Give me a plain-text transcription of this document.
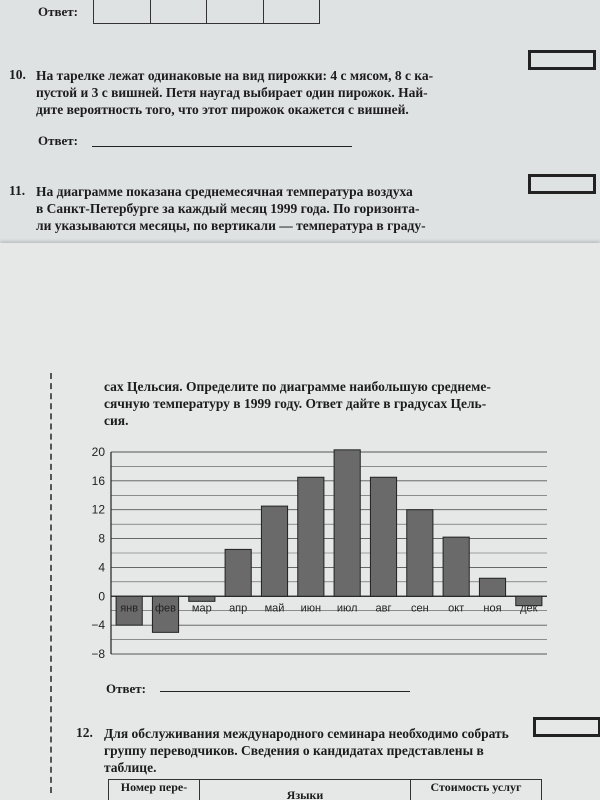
Ответ:
10. На тарелке лежат одинаковые на вид пирожки: 4 с мясом, 8 с ка-
пустой и 3 с вишней. Петя наугад выбирает один пирожок. Най-
дите вероятность того, что этот пирожок окажется с вишней.
Ответ:
11. На диаграмме показана среднемесячная температура воздуха
в Санкт-Петербурге за каждый месяц 1999 года. По горизонта-
ли указываются месяцы, по вертикали — температура в граду-
сах Цельсия. Определите по диаграмме наибольшую среднеме-
сячную температуру в 1999 году. Ответ дайте в градусах Цель-
сия.
Ответ:
12. Для обслуживания международного семинара необходимо собрать
группу переводчиков. Сведения о кандидатах представлены в
таблице.
Номер пере-
Языки
Стоимость услуг
20
16
12
8
4
0
−4
−8
янв фев мар апр май июн июл авг сен окт ноя дек
